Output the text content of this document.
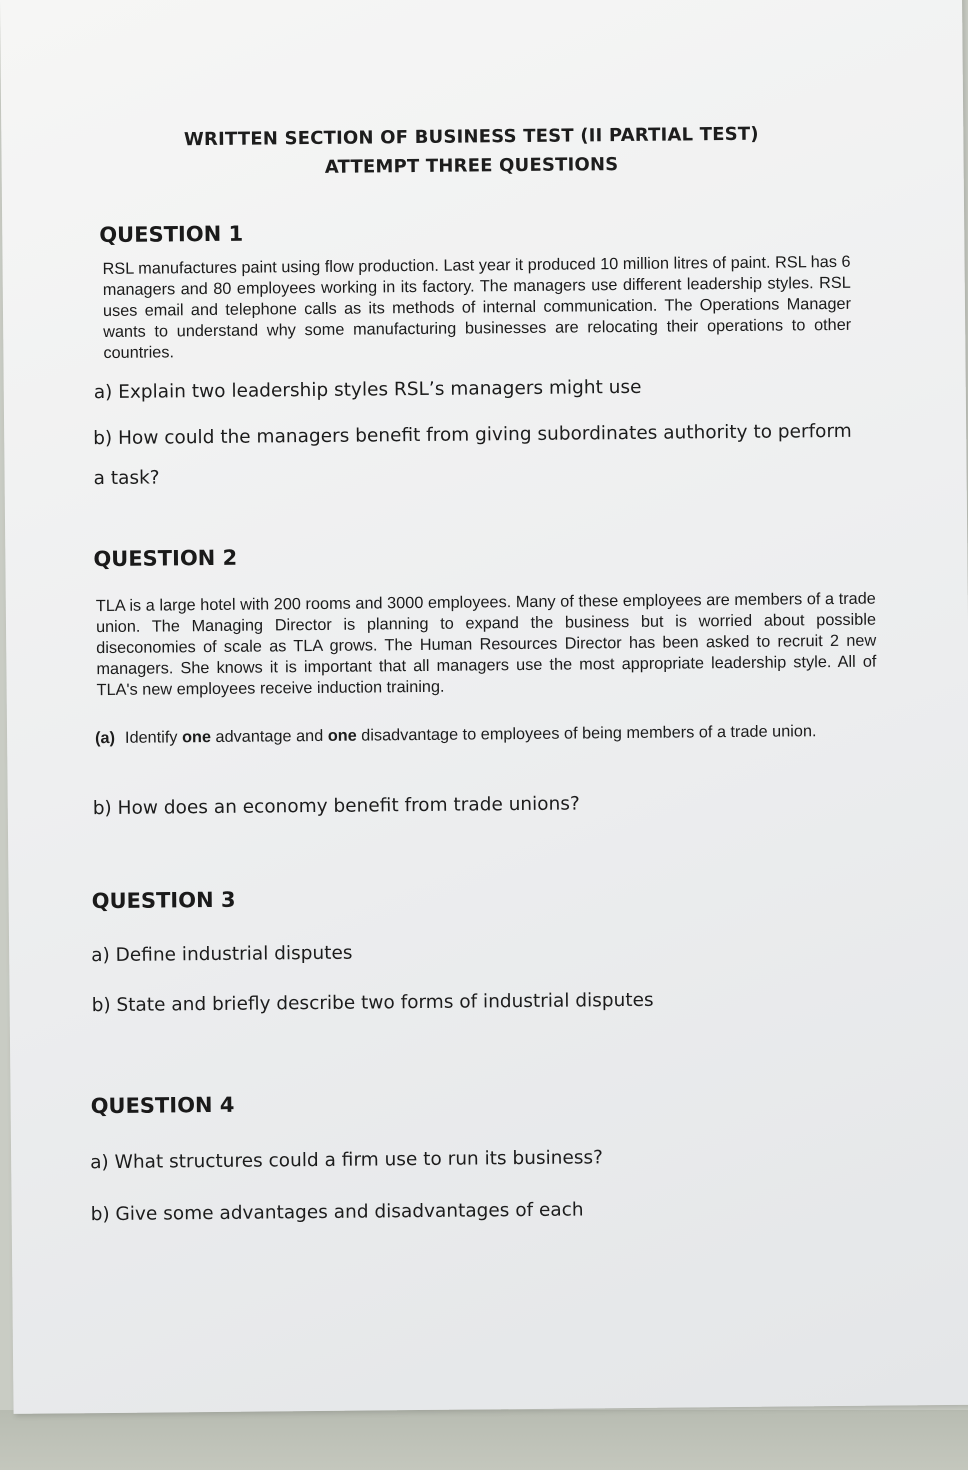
WRITTEN SECTION OF BUSINESS TEST (II PARTIAL TEST)
ATTEMPT THREE QUESTIONS
QUESTION 1
RSL manufactures paint using flow production. Last year it produced 10 million litres of paint. RSL has 6 managers and 80 employees working in its factory. The managers use different leadership styles. RSL uses email and telephone calls as its methods of internal communication. The Operations Manager wants to understand why some manufacturing businesses are relocating their operations to other countries.
a) Explain two leadership styles RSL’s managers might use
b) How could the managers benefit from giving subordinates authority to perform a task?
QUESTION 2
TLA is a large hotel with 200 rooms and 3000 employees. Many of these employees are members of a trade union. The Managing Director is planning to expand the business but is worried about possible diseconomies of scale as TLA grows. The Human Resources Director has been asked to recruit 2 new managers. She knows it is important that all managers use the most appropriate leadership style. All of TLA's new employees receive induction training.
(a) Identify one advantage and one disadvantage to employees of being members of a trade union.
b) How does an economy benefit from trade unions?
QUESTION 3
a) Define industrial disputes
b) State and briefly describe two forms of industrial disputes
QUESTION 4
a) What structures could a firm use to run its business?
b) Give some advantages and disadvantages of each
